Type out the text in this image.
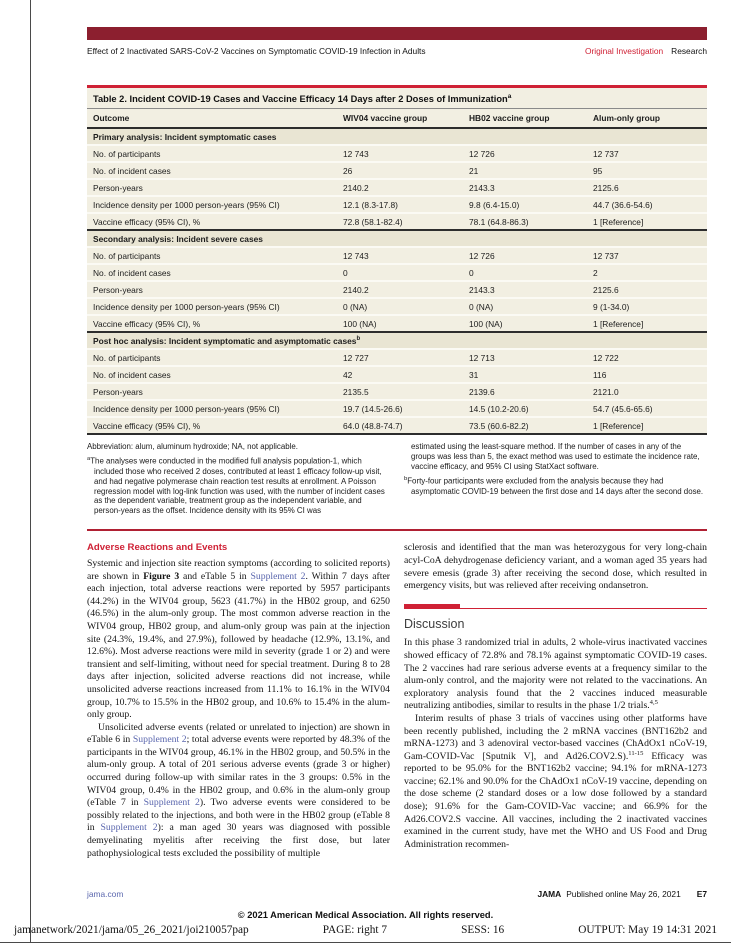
Effect of 2 Inactivated SARS-CoV-2 Vaccines on Symptomatic COVID-19 Infection in Adults	Original Investigation Research
Table 2. Incident COVID-19 Cases and Vaccine Efficacy 14 Days after 2 Doses of Immunization$^a$
Outcome	WIV04 vaccine group	HB02 vaccine group	Alum-only group
Primary analysis: Incident symptomatic cases
No. of participants	12 743	12 726	12 737
No. of incident cases	26	21	95
Person-years	2140.2	2143.3	2125.6
Incidence density per 1000 person-years (95% CI)	12.1 (8.3-17.8)	9.8 (6.4-15.0)	44.7 (36.6-54.6)
Vaccine efficacy (95% CI), %	72.8 (58.1-82.4)	78.1 (64.8-86.3)	1 [Reference]
Secondary analysis: Incident severe cases
No. of participants	12 743	12 726	12 737
No. of incident cases	0	0	2
Person-years	2140.2	2143.3	2125.6
Incidence density per 1000 person-years (95% CI)	0 (NA)	0 (NA)	9 (1-34.0)
Vaccine efficacy (95% CI), %	100 (NA)	100 (NA)	1 [Reference]
Post hoc analysis: Incident symptomatic and asymptomatic cases$^b$
No. of participants	12 727	12 713	12 722
No. of incident cases	42	31	116
Person-years	2135.5	2139.6	2121.0
Incidence density per 1000 person-years (95% CI)	19.7 (14.5-26.6)	14.5 (10.2-20.6)	54.7 (45.6-65.6)
Vaccine efficacy (95% CI), %	64.0 (48.8-74.7)	73.5 (60.6-82.2)	1 [Reference]

Abbreviation: alum, aluminum hydroxide; NA, not applicable.

$^a$The analyses were conducted in the modified full analysis population-1, which included those who received 2 doses, contributed at least 1 efficacy follow-up visit, and had negative polymerase chain reaction test results at enrollment. A Poisson regression model with log-link function was used, with the number of incident cases as the dependent variable, treatment group as the independent variable, and person-years as the offset. Incidence density with its 95% CI was

estimated using the least-square method. If the number of cases in any of the groups was less than 5, the exact method was used to estimate the incidence rate, vaccine efficacy, and 95% CI using StatXact software.

$^b$Forty-four participants were excluded from the analysis because they had asymptomatic COVID-19 between the first dose and 14 days after the second dose.

Adverse Reactions and Events

Systemic and injection site reaction symptoms (according to solicited reports) are shown in Figure 3 and eTable 5 in Supplement 2. Within 7 days after each injection, total adverse reactions were reported by 5957 participants (44.2%) in the WIV04 group, 5623 (41.7%) in the HB02 group, and 6250 (46.5%) in the alum-only group. The most common adverse reaction in the WIV04 group, HB02 group, and alum-only group was pain at the injection site (24.3%, 19.4%, and 27.9%), followed by headache (12.9%, 13.1%, and 12.6%). Most adverse reactions were mild in severity (grade 1 or 2) and were transient and self-limiting, without need for special treatment. During 8 to 28 days after injection, solicited adverse reactions did not increase, while unsolicited adverse reactions increased from 11.1% to 16.1% in the WIV04 group, 10.7% to 15.5% in the HB02 group, and 10.6% to 15.4% in the alum-only group.

Unsolicited adverse events (related or unrelated to injection) are shown in eTable 6 in Supplement 2; total adverse events were reported by 48.3% of the participants in the WIV04 group, 46.1% in the HB02 group, and 50.5% in the alum-only group. A total of 201 serious adverse events (grade 3 or higher) occurred during follow-up with similar rates in the 3 groups: 0.5% in the WIV04 group, 0.4% in the HB02 group, and 0.6% in the alum-only group (eTable 7 in Supplement 2). Two adverse events were considered to be possibly related to the injections, and both were in the HB02 group (eTable 8 in Supplement 2): a man aged 30 years was diagnosed with possible demyelinating myelitis after receiving the first dose, but later pathophysiological tests excluded the possibility of multiple

sclerosis and identified that the man was heterozygous for very long-chain acyl-CoA dehydrogenase deficiency variant, and a woman aged 35 years had severe emesis (grade 3) after receiving the second dose, which resulted in emergency visits, but was relieved after receiving ondansetron.

Discussion

In this phase 3 randomized trial in adults, 2 whole-virus inactivated vaccines showed efficacy of 72.8% and 78.1% against symptomatic COVID-19 cases. The 2 vaccines had rare serious adverse events at a frequency similar to the alum-only control, and the majority were not related to the vaccinations. An exploratory analysis found that the 2 vaccines induced measurable neutralizing antibodies, similar to results in the phase 1/2 trials.$^{4,5}$

Interim results of phase 3 trials of vaccines using other platforms have been recently published, including the 2 mRNA vaccines (BNT162b2 and mRNA-1273) and 3 adenoviral vector-based vaccines (ChAdOx1 nCoV-19, Gam-COVID-Vac [Sputnik V], and Ad26.COV2.S).$^{11-15}$ Efficacy was reported to be 95.0% for the BNT162b2 vaccine; 94.1% for mRNA-1273 vaccine; 62.1% and 90.0% for the ChAdOx1 nCoV-19 vaccine, depending on the dose scheme (2 standard doses or a low dose followed by a standard dose); 91.6% for the Gam-COVID-Vac vaccine; and 66.9% for the Ad26.COV2.S vaccine. All vaccines, including the 2 inactivated vaccines examined in the current study, have met the WHO and US Food and Drug Administration recommen-

jama.com	JAMA Published online May 26, 2021 E7
© 2021 American Medical Association. All rights reserved.
jamanetwork/2021/jama/05_26_2021/joi210057pap	PAGE: right 7	SESS: 16	OUTPUT: May 19 14:31 2021
